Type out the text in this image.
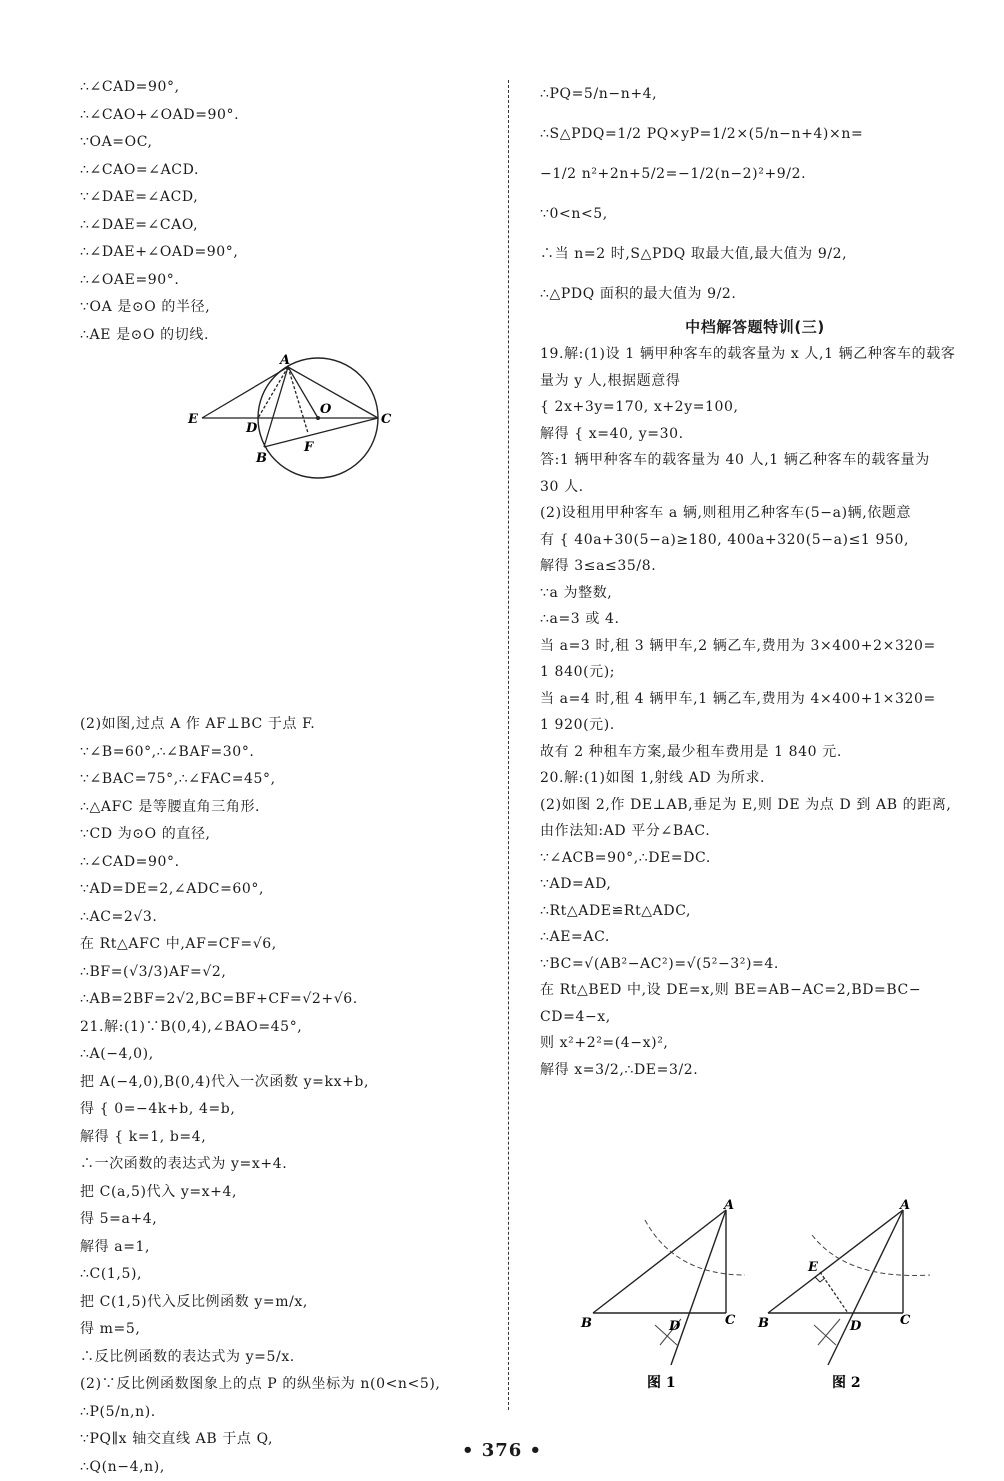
∴∠CAD=90°,
∴∠CAO+∠OAD=90°.
∵OA=OC,
∴∠CAO=∠ACD.
∵∠DAE=∠ACD,
∴∠DAE=∠CAO,
∴∠DAE+∠OAD=90°,
∴∠OAE=90°.
∵OA 是⊙O 的半径,
∴AE 是⊙O 的切线.
(2)如图,过点 A 作 AF⊥BC 于点 F.
∵∠B=60°,∴∠BAF=30°.
∵∠BAC=75°,∴∠FAC=45°,
∴△AFC 是等腰直角三角形.
∵CD 为⊙O 的直径,
∴∠CAD=90°.
∵AD=DE=2,∠ADC=60°,
∴AC=2√3.
在 Rt△AFC 中,AF=CF=√6,
∴BF=(√3/3)AF=√2,
∴AB=2BF=2√2,BC=BF+CF=√2+√6.
21.解:(1)∵B(0,4),∠BAO=45°,
∴A(−4,0),
把 A(−4,0),B(0,4)代入一次函数 y=kx+b,
得 { 0=−4k+b, 4=b,
解得 { k=1, b=4,
∴一次函数的表达式为 y=x+4.
把 C(a,5)代入 y=x+4,
得 5=a+4,
解得 a=1,
∴C(1,5),
把 C(1,5)代入反比例函数 y=m/x,
得 m=5,
∴反比例函数的表达式为 y=5/x.
(2)∵反比例函数图象上的点 P 的纵坐标为 n(0<n<5),
∴P(5/n,n).
∵PQ∥x 轴交直线 AB 于点 Q,
∴Q(n−4,n),
∴PQ=5/n−n+4,
∴S△PDQ=1/2 PQ×yP=1/2×(5/n−n+4)×n=
−1/2 n²+2n+5/2=−1/2(n−2)²+9/2.
∵0<n<5,
∴当 n=2 时,S△PDQ 取最大值,最大值为 9/2,
∴△PDQ 面积的最大值为 9/2.
中档解答题特训(三)
19.解:(1)设 1 辆甲种客车的载客量为 x 人,1 辆乙种客车的载客
量为 y 人,根据题意得
{ 2x+3y=170, x+2y=100,
解得 { x=40, y=30.
答:1 辆甲种客车的载客量为 40 人,1 辆乙种客车的载客量为
30 人.
(2)设租用甲种客车 a 辆,则租用乙种客车(5−a)辆,依题意
有 { 40a+30(5−a)≥180, 400a+320(5−a)≤1 950,
解得 3≤a≤35/8.
∵a 为整数,
∴a=3 或 4.
当 a=3 时,租 3 辆甲车,2 辆乙车,费用为 3×400+2×320=
1 840(元);
当 a=4 时,租 4 辆甲车,1 辆乙车,费用为 4×400+1×320=
1 920(元).
故有 2 种租车方案,最少租车费用是 1 840 元.
20.解:(1)如图 1,射线 AD 为所求.
(2)如图 2,作 DE⊥AB,垂足为 E,则 DE 为点 D 到 AB 的距离,
由作法知:AD 平分∠BAC.
∵∠ACB=90°,∴DE=DC.
∵AD=AD,
∴Rt△ADE≌Rt△ADC,
∴AE=AC.
∵BC=√(AB²−AC²)=√(5²−3²)=4.
在 Rt△BED 中,设 DE=x,则 BE=AB−AC=2,BD=BC−
CD=4−x,
则 x²+2²=(4−x)²,
解得 x=3/2,∴DE=3/2.
A
E
D
O
C
B
F
A
B	C
D
图 1
A
B	C
D
E
图 2
• 376 •
